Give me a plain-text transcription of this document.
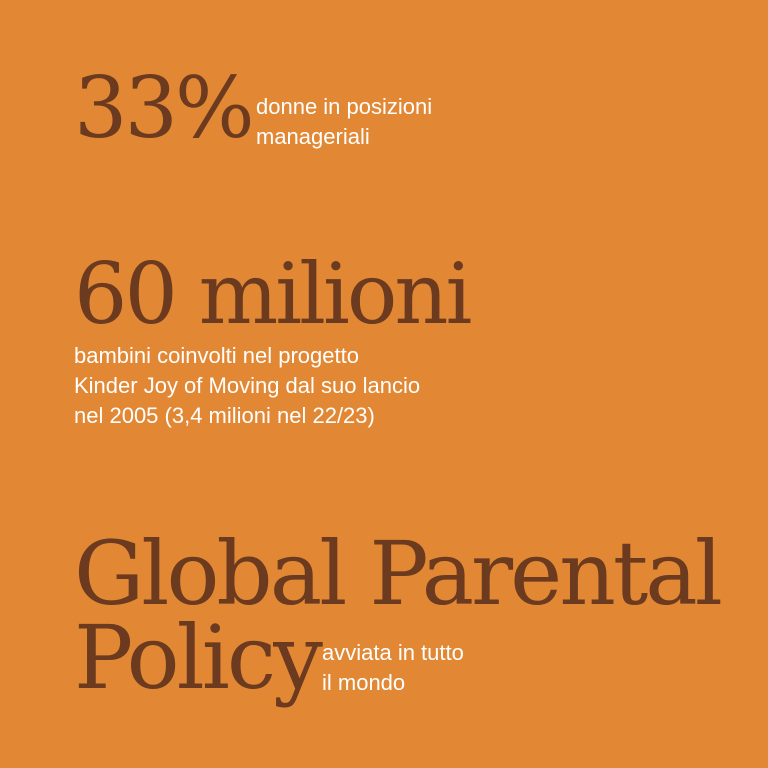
33% donne in posizioni
manageriali
60 milioni
bambini coinvolti nel progetto
Kinder Joy of Moving dal suo lancio
nel 2005 (3,4 milioni nel 22/23)
Global Parental
Policy avviata in tutto
il mondo
